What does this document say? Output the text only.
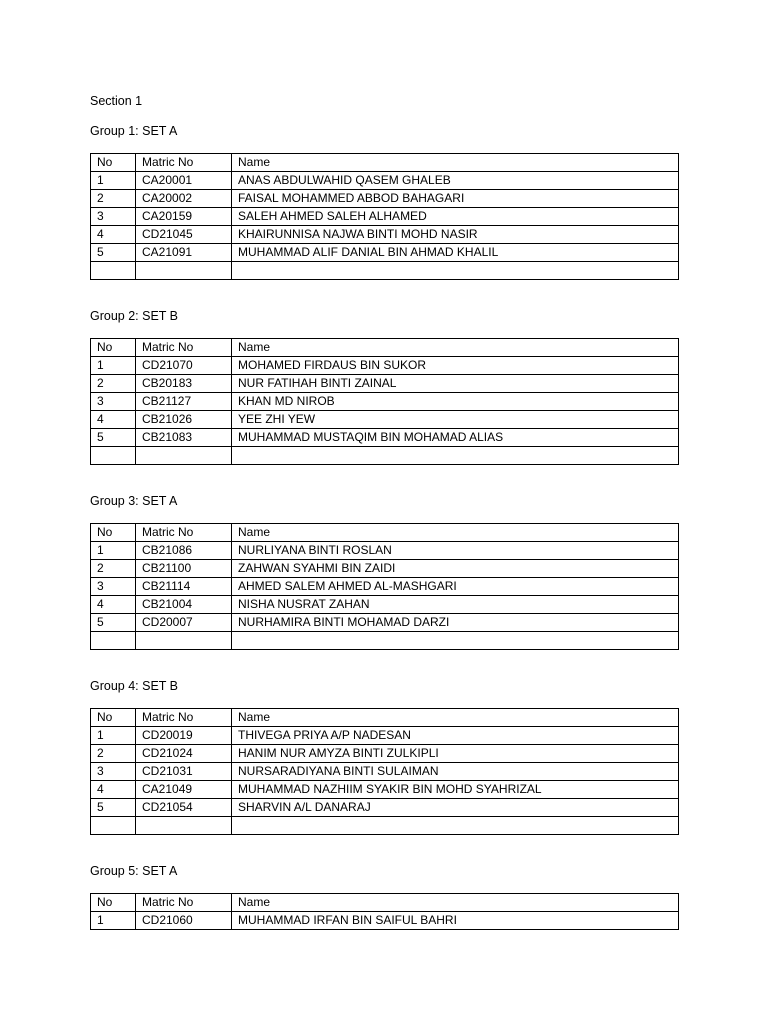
Section 1
Group 1: SET A
No	Matric No	Name
1	CA20001	ANAS ABDULWAHID QASEM GHALEB
2	CA20002	FAISAL MOHAMMED ABBOD BAHAGARI
3	CA20159	SALEH AHMED SALEH ALHAMED
4	CD21045	KHAIRUNNISA NAJWA BINTI MOHD NASIR
5	CA21091	MUHAMMAD ALIF DANIAL BIN AHMAD KHALIL

Group 2: SET B
No	Matric No	Name
1	CD21070	MOHAMED FIRDAUS BIN SUKOR
2	CB20183	NUR FATIHAH BINTI ZAINAL
3	CB21127	KHAN MD NIROB
4	CB21026	YEE ZHI YEW
5	CB21083	MUHAMMAD MUSTAQIM BIN MOHAMAD ALIAS

Group 3: SET A
No	Matric No	Name
1	CB21086	NURLIYANA BINTI ROSLAN
2	CB21100	ZAHWAN SYAHMI BIN ZAIDI
3	CB21114	AHMED SALEM AHMED AL-MASHGARI
4	CB21004	NISHA NUSRAT ZAHAN
5	CD20007	NURHAMIRA BINTI MOHAMAD DARZI

Group 4: SET B
No	Matric No	Name
1	CD20019	THIVEGA PRIYA A/P NADESAN
2	CD21024	HANIM NUR AMYZA BINTI ZULKIPLI
3	CD21031	NURSARADIYANA BINTI SULAIMAN
4	CA21049	MUHAMMAD NAZHIIM SYAKIR BIN MOHD SYAHRIZAL
5	CD21054	SHARVIN A/L DANARAJ

Group 5: SET A
No	Matric No	Name
1	CD21060	MUHAMMAD IRFAN BIN SAIFUL BAHRI
